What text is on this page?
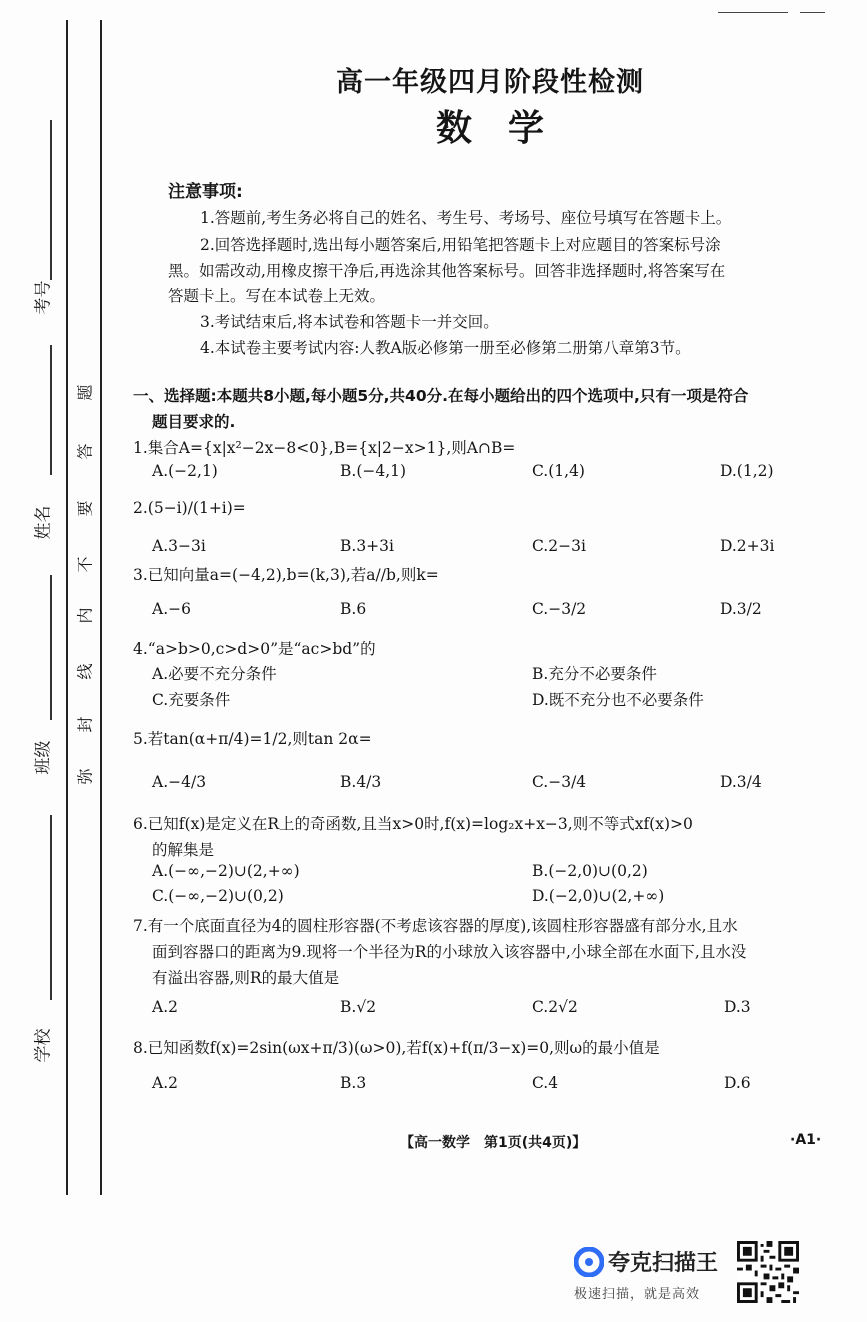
考号
姓名
班级
学校
题
答
要
不
内
线
封
弥
高一年级四月阶段性检测
数　学
注意事项:
1.答题前,考生务必将自己的姓名、考生号、考场号、座位号填写在答题卡上。
2.回答选择题时,选出每小题答案后,用铅笔把答题卡上对应题目的答案标号涂
黑。如需改动,用橡皮擦干净后,再选涂其他答案标号。回答非选择题时,将答案写在
答题卡上。写在本试卷上无效。
3.考试结束后,将本试卷和答题卡一并交回。
4.本试卷主要考试内容:人教A版必修第一册至必修第二册第八章第3节。
一、选择题:本题共8小题,每小题5分,共40分.在每小题给出的四个选项中,只有一项是符合
题目要求的.
1.集合A={x|x²−2x−8<0},B={x|2−x>1},则A∩B=
A.(−2,1)	B.(−4,1)	C.(1,4)	D.(1,2)
2.(5−i)/(1+i)=
A.3−3i	B.3+3i	C.2−3i	D.2+3i
3.已知向量a=(−4,2),b=(k,3),若a//b,则k=
A.−6	B.6	C.−3/2	D.3/2
4.“a>b>0,c>d>0”是“ac>bd”的
A.必要不充分条件	B.充分不必要条件
C.充要条件	D.既不充分也不必要条件
5.若tan(α+π/4)=1/2,则tan 2α=
A.−4/3	B.4/3	C.−3/4	D.3/4
6.已知f(x)是定义在R上的奇函数,且当x>0时,f(x)=log₂x+x−3,则不等式xf(x)>0
的解集是
A.(−∞,−2)∪(2,+∞)	B.(−2,0)∪(0,2)
C.(−∞,−2)∪(0,2)	D.(−2,0)∪(2,+∞)
7.有一个底面直径为4的圆柱形容器(不考虑该容器的厚度),该圆柱形容器盛有部分水,且水
面到容器口的距离为9.现将一个半径为R的小球放入该容器中,小球全部在水面下,且水没
有溢出容器,则R的最大值是
A.2	B.√2	C.2√2	D.3
8.已知函数f(x)=2sin(ωx+π/3)(ω>0),若f(x)+f(π/3−x)=0,则ω的最小值是
A.2	B.3	C.4	D.6
【高一数学　第1页(共4页)】	·A1·
夸克扫描王
极速扫描，就是高效
